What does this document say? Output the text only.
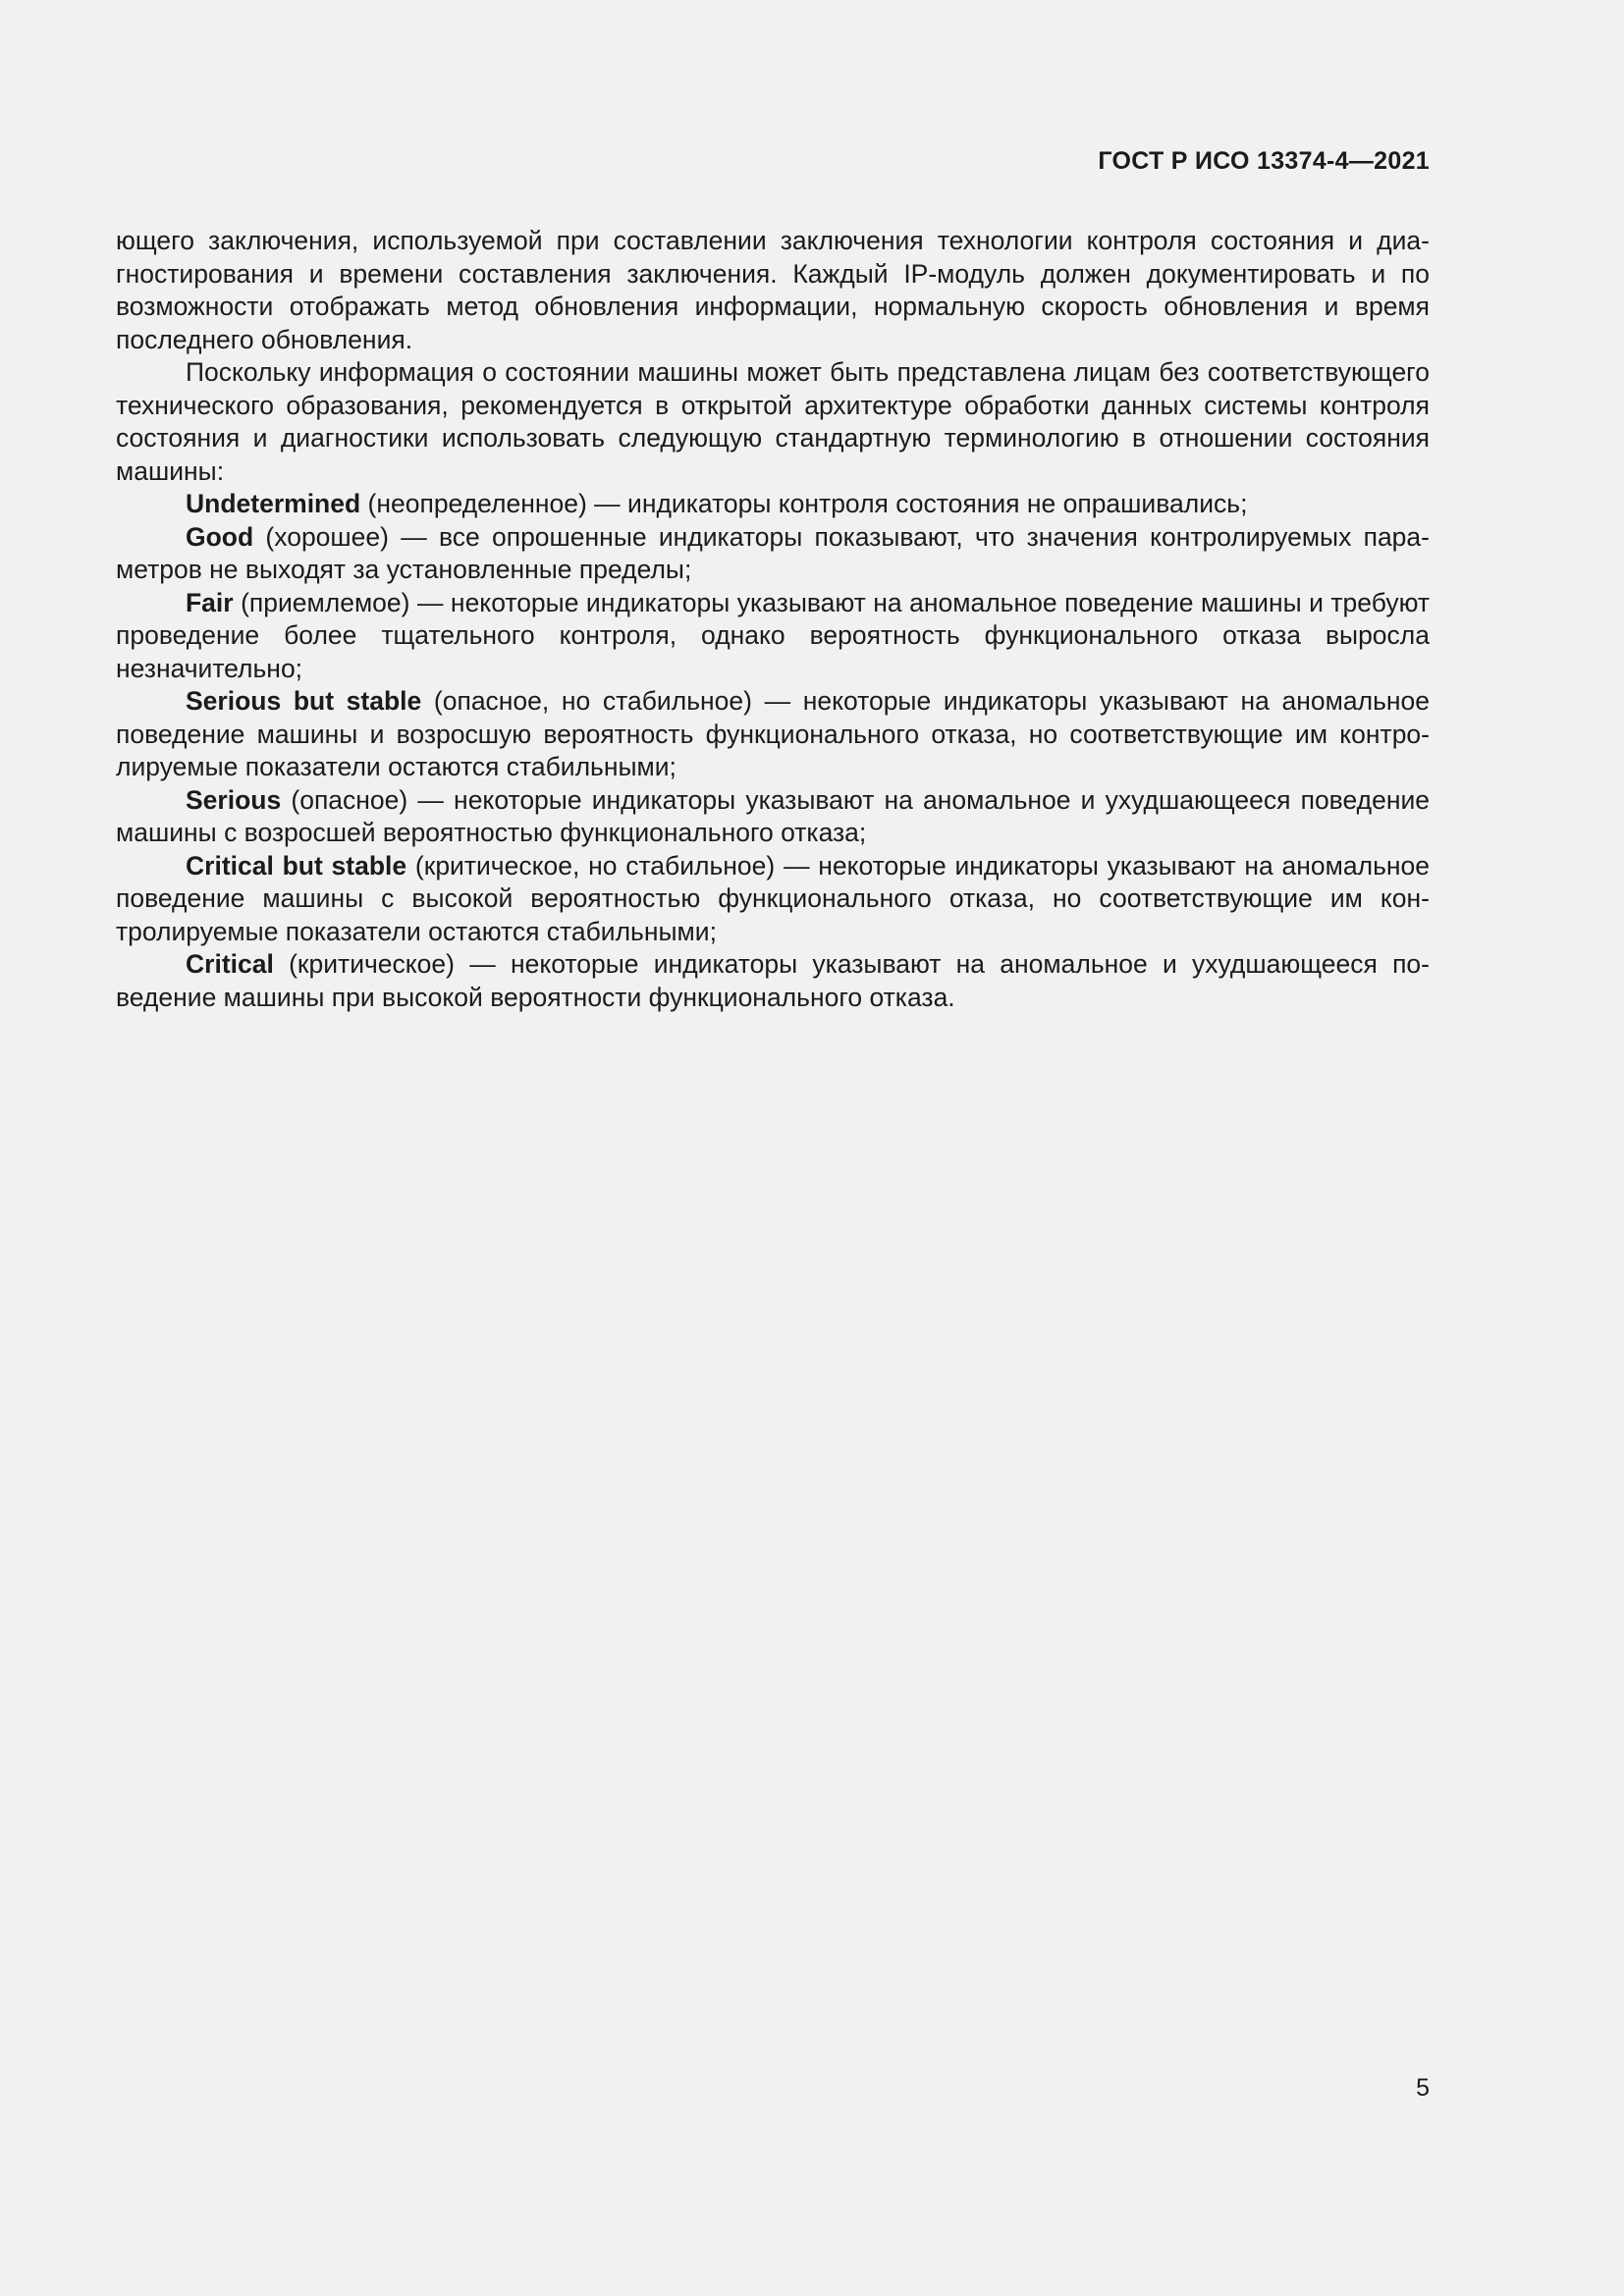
ГОСТ Р ИСО 13374-4—2021

ющего заключения, используемой при составлении заключения технологии контроля состояния и диагностирования и времени составления заключения. Каждый IP-модуль должен документировать и по возможности отображать метод обновления информации, нормальную скорость обновления и время последнего обновления.

Поскольку информация о состоянии машины может быть представлена лицам без соответствующего технического образования, рекомендуется в открытой архитектуре обработки данных системы контроля состояния и диагностики использовать следующую стандартную терминологию в отношении состояния машины:

Undetermined (неопределенное) — индикаторы контроля состояния не опрашивались;

Good (хорошее) — все опрошенные индикаторы показывают, что значения контролируемых параметров не выходят за установленные пределы;

Fair (приемлемое) — некоторые индикаторы указывают на аномальное поведение машины и требуют проведение более тщательного контроля, однако вероятность функционального отказа выросла незначительно;

Serious but stable (опасное, но стабильное) — некоторые индикаторы указывают на аномальное поведение машины и возросшую вероятность функционального отказа, но соответствующие им контролируемые показатели остаются стабильными;

Serious (опасное) — некоторые индикаторы указывают на аномальное и ухудшающееся поведение машины с возросшей вероятностью функционального отказа;

Critical but stable (критическое, но стабильное) — некоторые индикаторы указывают на аномальное поведение машины с высокой вероятностью функционального отказа, но соответствующие им контролируемые показатели остаются стабильными;

Critical (критическое) — некоторые индикаторы указывают на аномальное и ухудшающееся поведение машины при высокой вероятности функционального отказа.

5
